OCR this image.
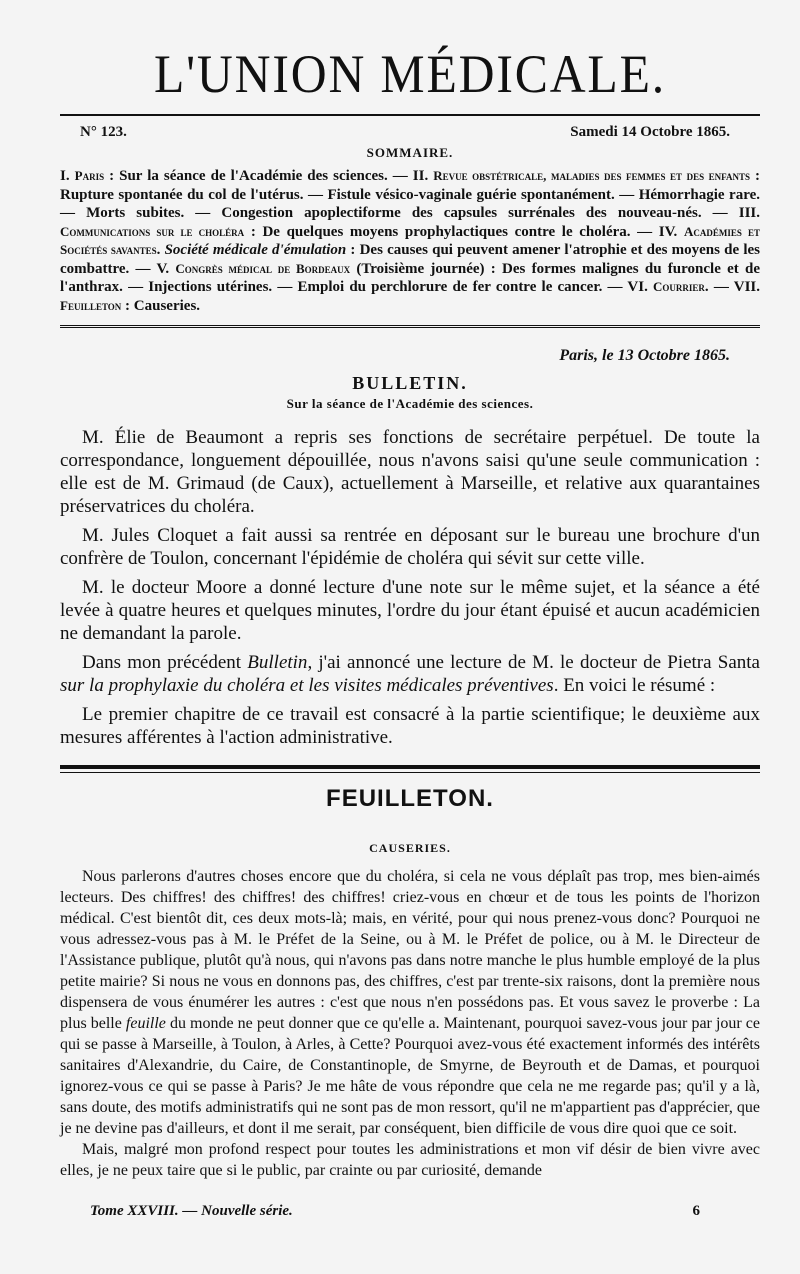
L'UNION MÉDICALE.
N° 123.	Samedi 14 Octobre 1865.
SOMMAIRE.

I. Paris : Sur la séance de l'Académie des sciences. — II. Revue obstétricale, maladies des femmes et des enfants : Rupture spontanée du col de l'utérus. — Fistule vésico-vaginale guérie spontanément. — Hémorrhagie rare. — Morts subites. — Congestion apoplectiforme des capsules surrénales des nouveau-nés. — III. Communications sur le choléra : De quelques moyens prophylactiques contre le choléra. — IV. Académies et Sociétés savantes. Société médicale d'émulation : Des causes qui peuvent amener l'atrophie et des moyens de les combattre. — V. Congrès médical de Bordeaux (Troisième journée) : Des formes malignes du furoncle et de l'anthrax. — Injections utérines. — Emploi du perchlorure de fer contre le cancer. — VI. Courrier. — VII. Feuilleton : Causeries.

Paris, le 13 Octobre 1865.
BULLETIN.
Sur la séance de l'Académie des sciences.

M. Élie de Beaumont a repris ses fonctions de secrétaire perpétuel. De toute la correspondance, longuement dépouillée, nous n'avons saisi qu'une seule communication : elle est de M. Grimaud (de Caux), actuellement à Marseille, et relative aux quarantaines préservatrices du choléra.

M. Jules Cloquet a fait aussi sa rentrée en déposant sur le bureau une brochure d'un confrère de Toulon, concernant l'épidémie de choléra qui sévit sur cette ville.

M. le docteur Moore a donné lecture d'une note sur le même sujet, et la séance a été levée à quatre heures et quelques minutes, l'ordre du jour étant épuisé et aucun académicien ne demandant la parole.

Dans mon précédent Bulletin, j'ai annoncé une lecture de M. le docteur de Pietra Santa sur la prophylaxie du choléra et les visites médicales préventives. En voici le résumé :

Le premier chapitre de ce travail est consacré à la partie scientifique; le deuxième aux mesures afférentes à l'action administrative.

FEUILLETON.
CAUSERIES.

Nous parlerons d'autres choses encore que du choléra, si cela ne vous déplaît pas trop, mes bien-aimés lecteurs. Des chiffres! des chiffres! des chiffres! criez-vous en chœur et de tous les points de l'horizon médical. C'est bientôt dit, ces deux mots-là; mais, en vérité, pour qui nous prenez-vous donc? Pourquoi ne vous adressez-vous pas à M. le Préfet de la Seine, ou à M. le Préfet de police, ou à M. le Directeur de l'Assistance publique, plutôt qu'à nous, qui n'avons pas dans notre manche le plus humble employé de la plus petite mairie? Si nous ne vous en donnons pas, des chiffres, c'est par trente-six raisons, dont la première nous dispensera de vous énumérer les autres : c'est que nous n'en possédons pas. Et vous savez le proverbe : La plus belle feuille du monde ne peut donner que ce qu'elle a. Maintenant, pourquoi savez-vous jour par jour ce qui se passe à Marseille, à Toulon, à Arles, à Cette? Pourquoi avez-vous été exactement informés des intérêts sanitaires d'Alexandrie, du Caire, de Constantinople, de Smyrne, de Beyrouth et de Damas, et pourquoi ignorez-vous ce qui se passe à Paris? Je me hâte de vous répondre que cela ne me regarde pas; qu'il y a là, sans doute, des motifs administratifs qui ne sont pas de mon ressort, qu'il ne m'appartient pas d'apprécier, que je ne devine pas d'ailleurs, et dont il me serait, par conséquent, bien difficile de vous dire quoi que ce soit.

Mais, malgré mon profond respect pour toutes les administrations et mon vif désir de bien vivre avec elles, je ne peux taire que si le public, par crainte ou par curiosité, demande

Tome XXVIII. — Nouvelle série.	6
